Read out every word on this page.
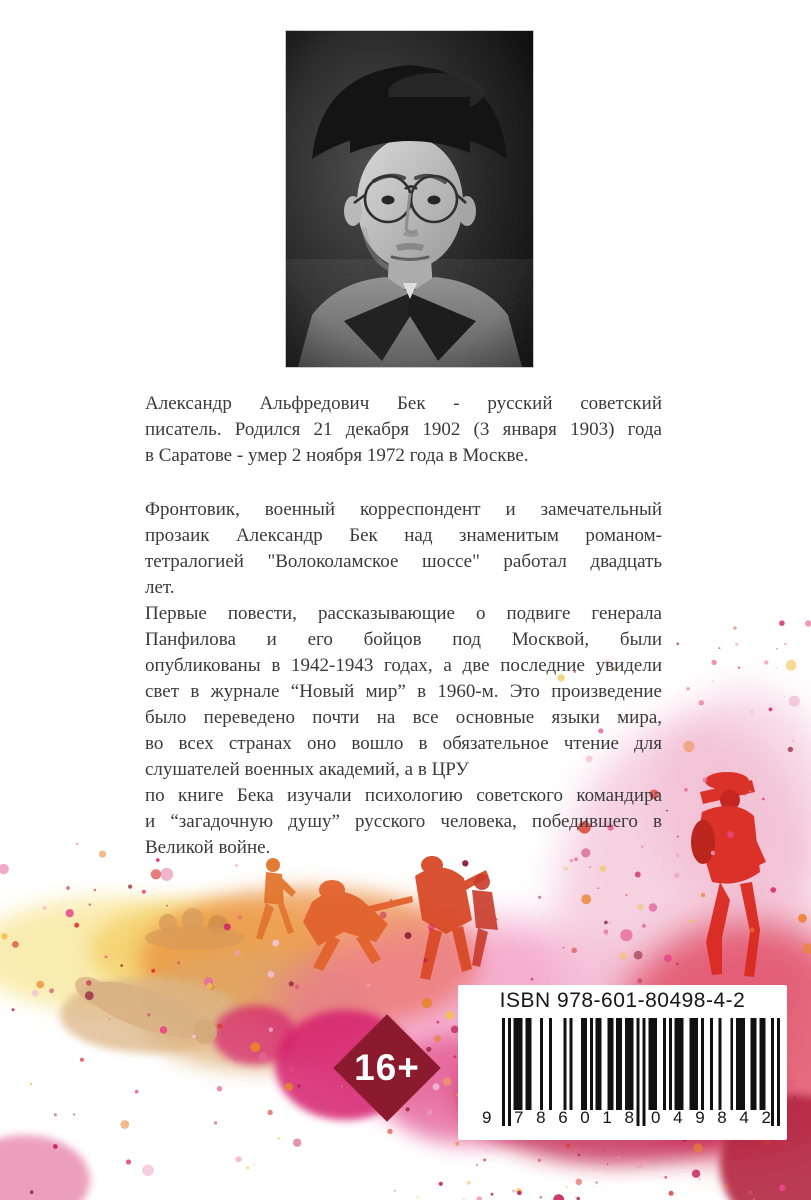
Александр Альфредович Бек - русский советский
писатель. Родился 21 декабря 1902 (3 января 1903) года
в Саратове - умер 2 ноября 1972 года в Москве.
Фронтовик, военный корреспондент и замечательный
прозаик Александр Бек над знаменитым романом-
тетралогией "Волоколамское шоссе" работал двадцать
лет.
Первые повести, рассказывающие о подвиге генерала
Панфилова и его бойцов под Москвой, были
опубликованы в 1942-1943 годах, а две последние увидели
свет в журнале “Новый мир” в 1960-м. Это произведение
было переведено почти на все основные языки мира,
во всех странах оно вошло в обязательное чтение для
слушателей военных академий, а в ЦРУ
по книге Бека изучали психологию советского командира
и “загадочную душу” русского человека, победившего в
Великой войне.
16+
ISBN 978-601-80498-4-2
9 7 8 6 0 1 8 0 4 9 8 4 2
